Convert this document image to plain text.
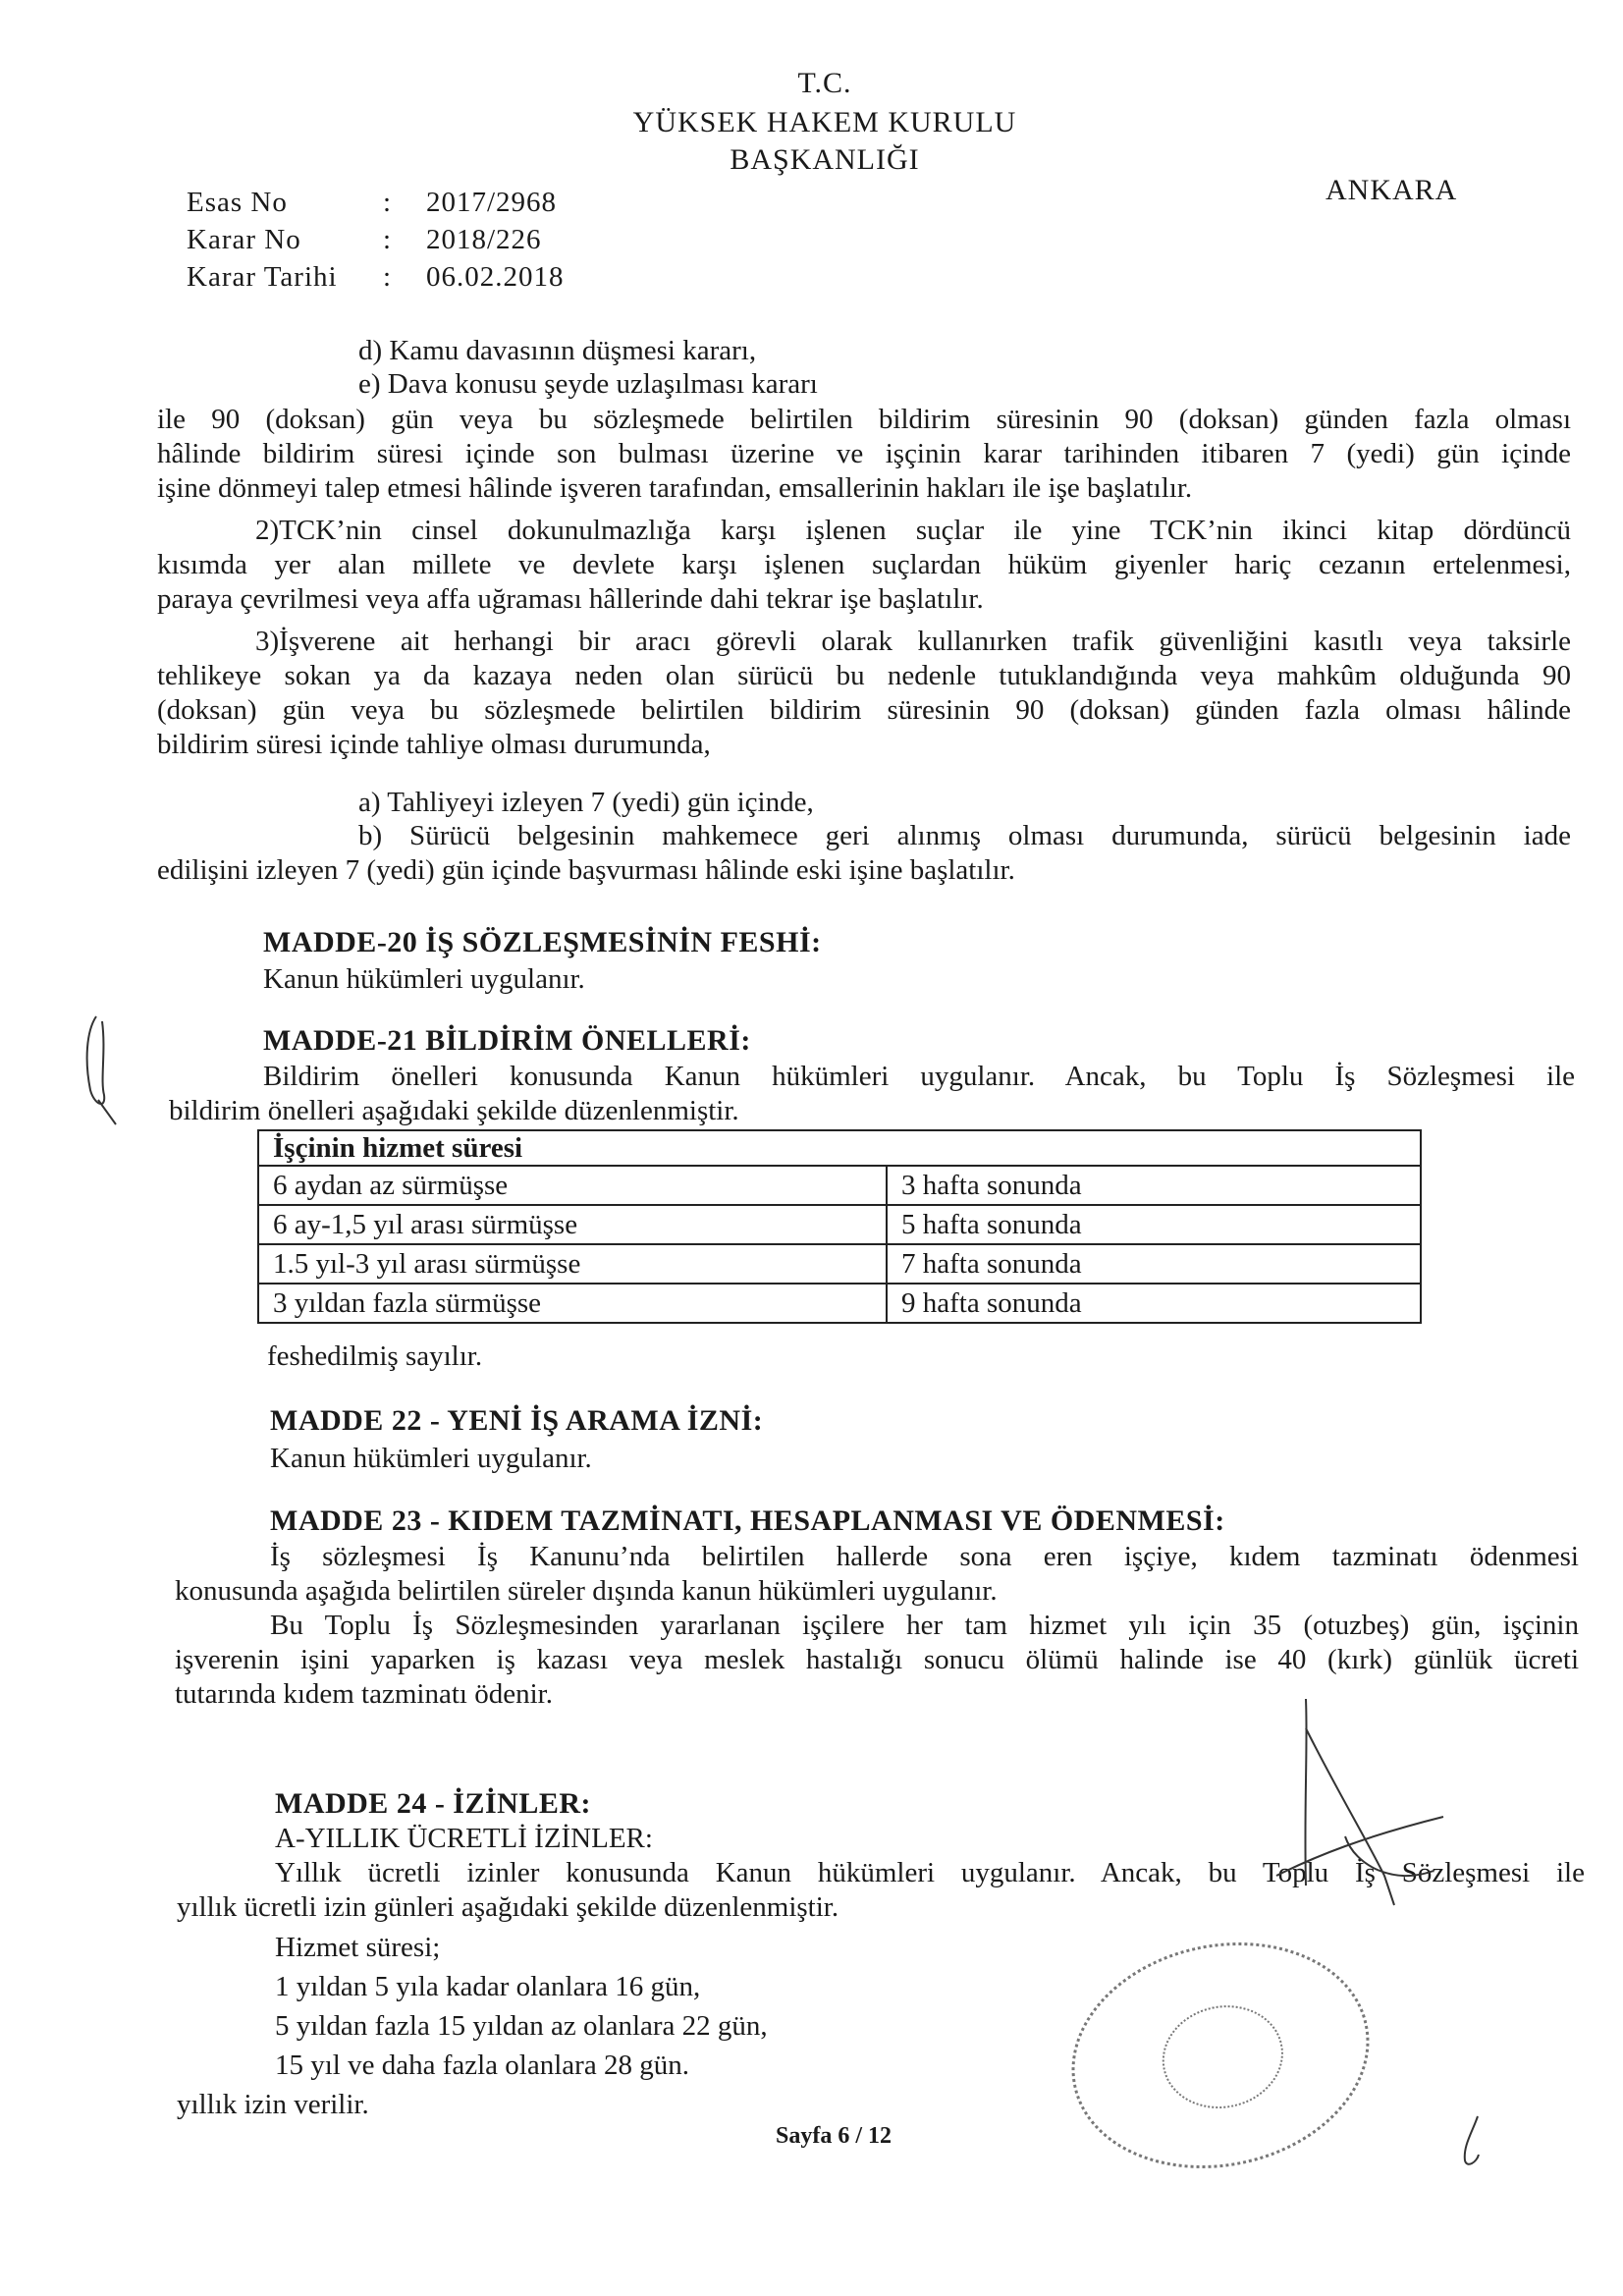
T.C.
YÜKSEK HAKEM KURULU
BAŞKANLIĞI
ANKARA
Esas No	: 2017/2968
Karar No	: 2018/226
Karar Tarihi : 06.02.2018
d) Kamu davasının düşmesi kararı,
e) Dava konusu şeyde uzlaşılması kararı
ile 90 (doksan) gün veya bu sözleşmede belirtilen bildirim süresinin 90 (doksan) günden fazla olması
hâlinde bildirim süresi içinde son bulması üzerine ve işçinin karar tarihinden itibaren 7 (yedi) gün içinde
işine dönmeyi talep etmesi hâlinde işveren tarafından, emsallerinin hakları ile işe başlatılır.
2)TCK’nin cinsel dokunulmazlığa karşı işlenen suçlar ile yine TCK’nin ikinci kitap dördüncü
kısımda yer alan millete ve devlete karşı işlenen suçlardan hüküm giyenler hariç cezanın ertelenmesi,
paraya çevrilmesi veya affa uğraması hâllerinde dahi tekrar işe başlatılır.
3)İşverene ait herhangi bir aracı görevli olarak kullanırken trafik güvenliğini kasıtlı veya taksirle
tehlikeye sokan ya da kazaya neden olan sürücü bu nedenle tutuklandığında veya mahkûm olduğunda 90
(doksan) gün veya bu sözleşmede belirtilen bildirim süresinin 90 (doksan) günden fazla olması hâlinde
bildirim süresi içinde tahliye olması durumunda,
a) Tahliyeyi izleyen 7 (yedi) gün içinde,
b) Sürücü belgesinin mahkemece geri alınmış olması durumunda, sürücü belgesinin iade
edilişini izleyen 7 (yedi) gün içinde başvurması hâlinde eski işine başlatılır.
MADDE-20 İŞ SÖZLEŞMESİNİN FESHİ:
Kanun hükümleri uygulanır.
MADDE-21 BİLDİRİM ÖNELLERİ:
Bildirim önelleri konusunda Kanun hükümleri uygulanır. Ancak, bu Toplu İş Sözleşmesi ile
bildirim önelleri aşağıdaki şekilde düzenlenmiştir.
İşçinin hizmet süresi	
6 aydan az sürmüşse	3 hafta sonunda
6 ay-1,5 yıl arası sürmüşse	5 hafta sonunda
1.5 yıl-3 yıl arası sürmüşse	7 hafta sonunda
3 yıldan fazla sürmüşse	9 hafta sonunda
feshedilmiş sayılır.
MADDE 22 - YENİ İŞ ARAMA İZNİ:
Kanun hükümleri uygulanır.
MADDE 23 - KIDEM TAZMİNATI, HESAPLANMASI VE ÖDENMESİ:
İş sözleşmesi İş Kanunu’nda belirtilen hallerde sona eren işçiye, kıdem tazminatı ödenmesi
konusunda aşağıda belirtilen süreler dışında kanun hükümleri uygulanır.
Bu Toplu İş Sözleşmesinden yararlanan işçilere her tam hizmet yılı için 35 (otuzbeş) gün, işçinin
işverenin işini yaparken iş kazası veya meslek hastalığı sonucu ölümü halinde ise 40 (kırk) günlük ücreti
tutarında kıdem tazminatı ödenir.
MADDE 24 - İZİNLER:
A-YILLIK ÜCRETLİ İZİNLER:
Yıllık ücretli izinler konusunda Kanun hükümleri uygulanır. Ancak, bu Toplu İş Sözleşmesi ile
yıllık ücretli izin günleri aşağıdaki şekilde düzenlenmiştir.
Hizmet süresi;
1 yıldan 5 yıla kadar olanlara 16 gün,
5 yıldan fazla 15 yıldan az olanlara 22 gün,
15 yıl ve daha fazla olanlara 28 gün.
yıllık izin verilir.
Sayfa 6 / 12
